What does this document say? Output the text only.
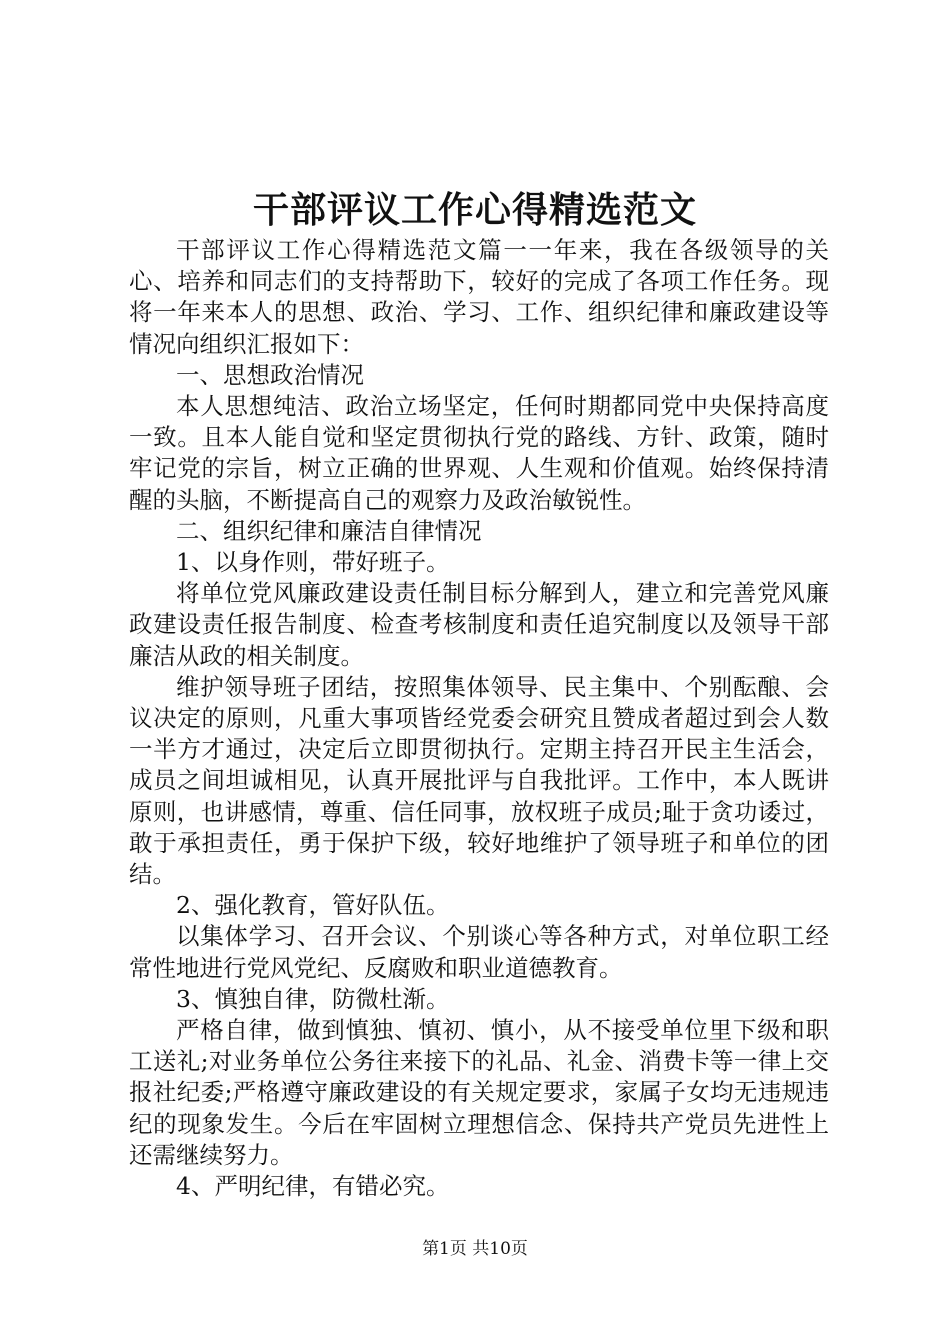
干部评议工作心得精选范文

干部评议工作心得精选范文篇一一年来，我在各级领导的关心、培养和同志们的支持帮助下，较好的完成了各项工作任务。现将一年来本人的思想、政治、学习、工作、组织纪律和廉政建设等情况向组织汇报如下：

一、思想政治情况

本人思想纯洁、政治立场坚定，任何时期都同党中央保持高度一致。且本人能自觉和坚定贯彻执行党的路线、方针、政策，随时牢记党的宗旨，树立正确的世界观、人生观和价值观。始终保持清醒的头脑，不断提高自己的观察力及政治敏锐性。

二、组织纪律和廉洁自律情况

1、以身作则，带好班子。

将单位党风廉政建设责任制目标分解到人，建立和完善党风廉政建设责任报告制度、检查考核制度和责任追究制度以及领导干部廉洁从政的相关制度。

维护领导班子团结，按照集体领导、民主集中、个别酝酿、会议决定的原则，凡重大事项皆经党委会研究且赞成者超过到会人数一半方才通过，决定后立即贯彻执行。定期主持召开民主生活会，成员之间坦诚相见，认真开展批评与自我批评。工作中，本人既讲原则，也讲感情，尊重、信任同事，放权班子成员;耻于贪功诿过，敢于承担责任，勇于保护下级，较好地维护了领导班子和单位的团结。

2、强化教育，管好队伍。

以集体学习、召开会议、个别谈心等各种方式，对单位职工经常性地进行党风党纪、反腐败和职业道德教育。

3、慎独自律，防微杜渐。

严格自律，做到慎独、慎初、慎小，从不接受单位里下级和职工送礼;对业务单位公务往来接下的礼品、礼金、消费卡等一律上交报社纪委;严格遵守廉政建设的有关规定要求，家属子女均无违规违纪的现象发生。今后在牢固树立理想信念、保持共产党员先进性上还需继续努力。

4、严明纪律，有错必究。

第1页 共10页
